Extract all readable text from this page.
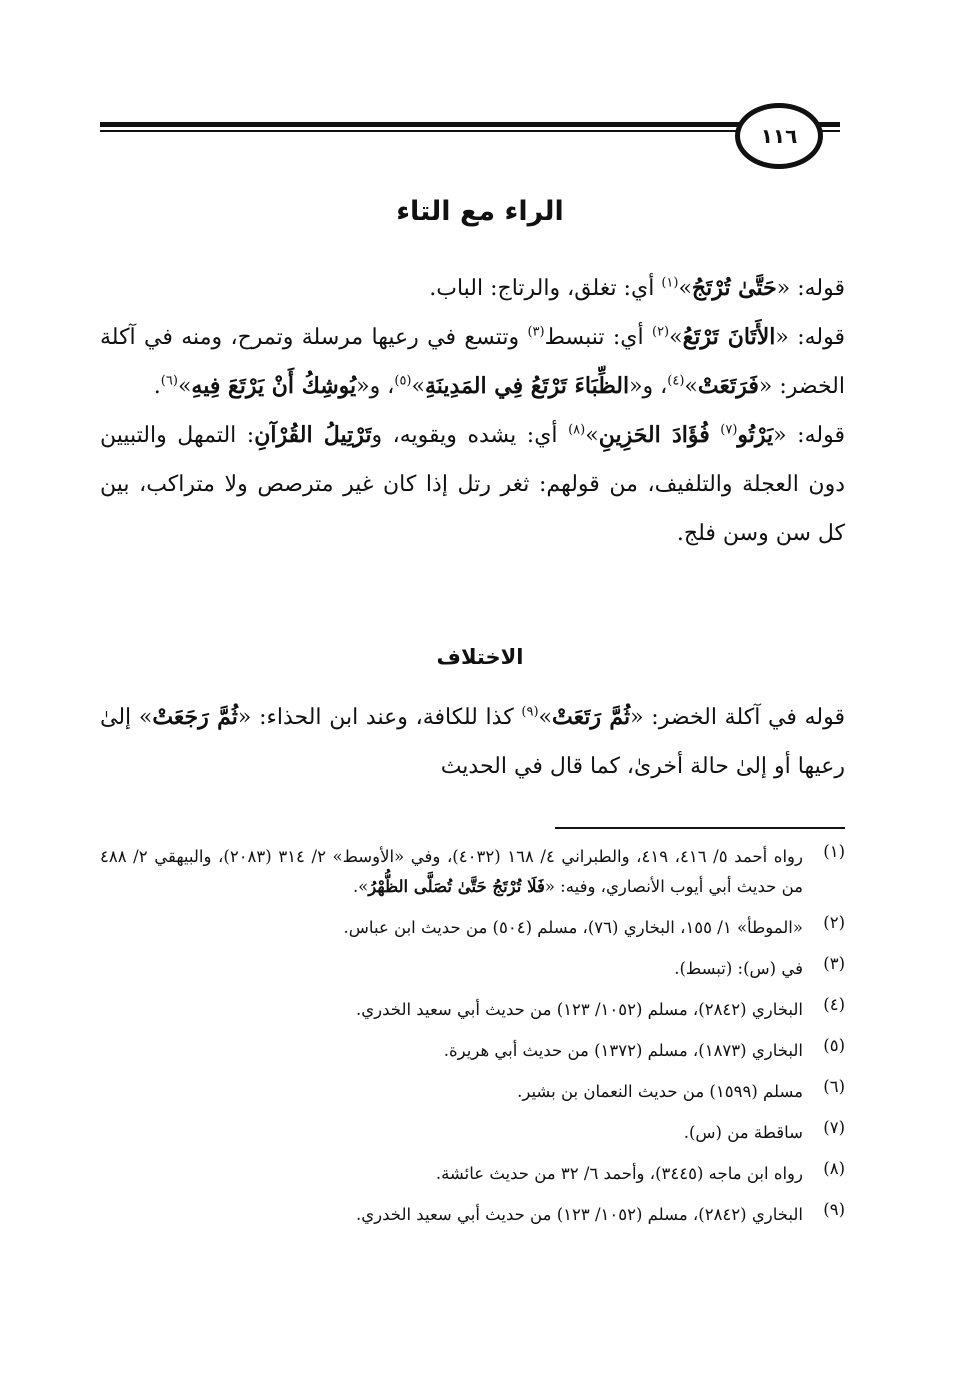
١١٦
الراء مع التاء

قوله: «حَتَّىٰ تُرْتَجُ»$^{(١)}$ أي: تغلق، والرتاج: الباب.

قوله: «الأَتَانَ تَرْتَعُ»$^{(٢)}$ أي: تنبسط$^{(٣)}$ وتتسع في رعيها مرسلة وتمرح، ومنه في آكلة الخضر: «فَرَتَعَتْ»$^{(٤)}$، و«الظِّبَاءَ تَرْتَعُ فِي المَدِينَةِ»$^{(٥)}$، و«يُوشِكُ أَنْ يَرْتَعَ فِيهِ»$^{(٦)}$.

قوله: «يَرْتُو$^{(٧)}$ فُؤَادَ الحَزِينِ»$^{(٨)}$ أي: يشده ويقويه، وتَرْتِيلُ القُرْآنِ: التمهل والتبيين دون العجلة والتلفيف، من قولهم: ثغر رتل إذا كان غير مترصص ولا متراكب، بين كل سن وسن فلج.

الاختلاف

قوله في آكلة الخضر: «ثُمَّ رَتَعَتْ»$^{(٩)}$ كذا للكافة، وعند ابن الحذاء: «ثُمَّ رَجَعَتْ» إلىٰ رعيها أو إلىٰ حالة أخرىٰ، كما قال في الحديث

(١)
رواه أحمد ٥/ ٤١٦، ٤١٩، والطبراني ٤/ ١٦٨ (٤٠٣٢)، وفي «الأوسط» ٢/ ٣١٤ (٢٠٨٣)، والبيهقي ٢/ ٤٨٨ من حديث أبي أيوب الأنصاري، وفيه: «فَلَا تُرْتَجُ حَتَّىٰ تُصَلَّى الظُّهْرُ».
(٢)
«الموطأ» ١/ ١٥٥، البخاري (٧٦)، مسلم (٥٠٤) من حديث ابن عباس.
(٣)
في (س): (تبسط).
(٤)
البخاري (٢٨٤٢)، مسلم (١٠٥٢/ ١٢٣) من حديث أبي سعيد الخدري.
(٥)
البخاري (١٨٧٣)، مسلم (١٣٧٢) من حديث أبي هريرة.
(٦)
مسلم (١٥٩٩) من حديث النعمان بن بشير.
(٧)
ساقطة من (س).
(٨)
رواه ابن ماجه (٣٤٤٥)، وأحمد ٦/ ٣٢ من حديث عائشة.
(٩)
البخاري (٢٨٤٢)، مسلم (١٠٥٢/ ١٢٣) من حديث أبي سعيد الخدري.
